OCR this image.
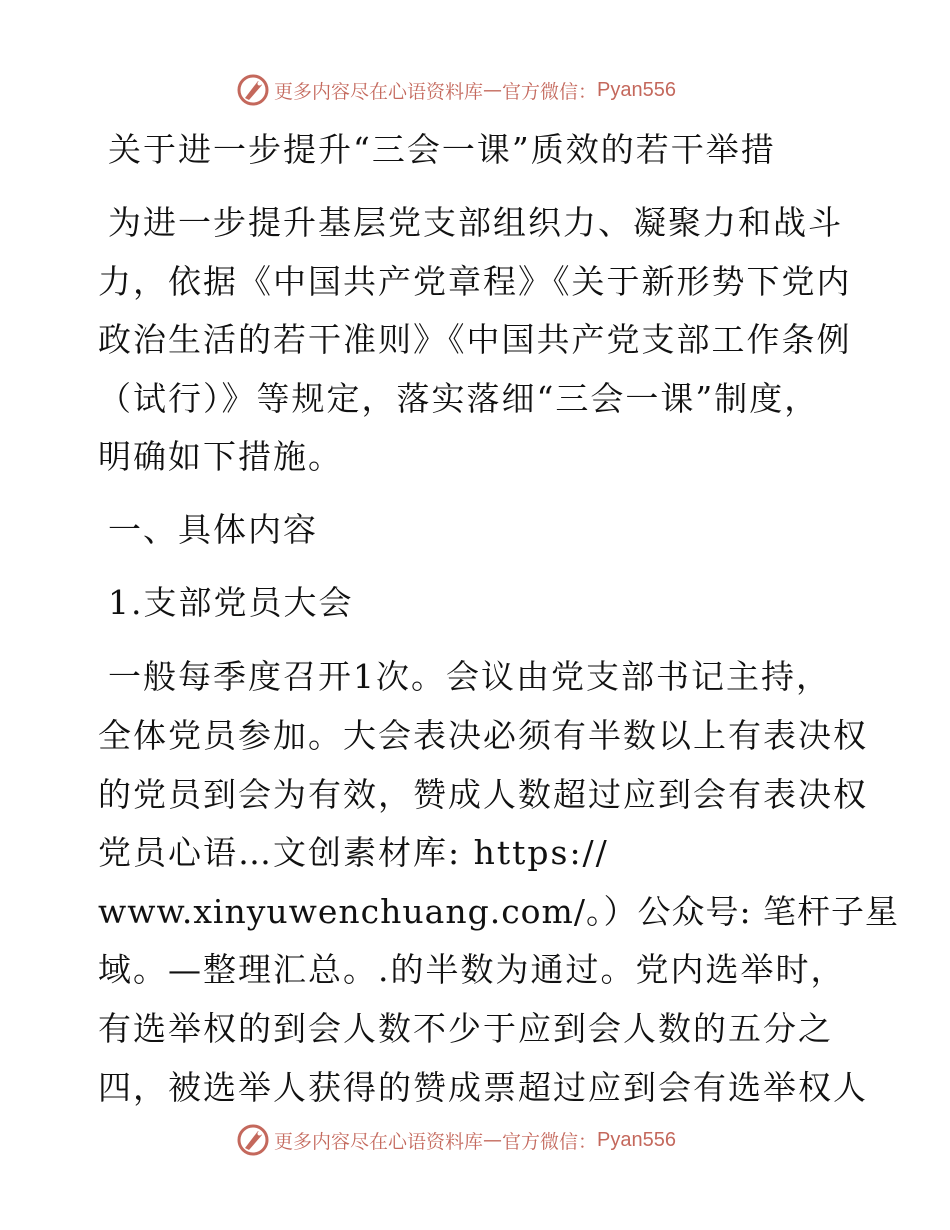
更多内容尽在心语资料库 — 官方微信： Pyan556
关于进一步提升“三会一课”质效的若干举措
为进一步提升基层党支部组织力、凝聚力和战斗
力，依据《中国共产党章程》《关于新形势下党内
政治生活的若干准则》《中国共产党支部工作条例
（试行）》等规定，落实落细“三会一课”制度，
明确如下措施。
一、具体内容
1.支部党员大会
一般每季度召开1次。会议由党支部书记主持，
全体党员参加。大会表决必须有半数以上有表决权
的党员到会为有效，赞成人数超过应到会有表决权
党员心语…文创素材库: https://
www.xinyuwenchuang.com/。）公众号: 笔杆子星
域。—整理汇总。.的半数为通过。党内选举时，
有选举权的到会人数不少于应到会人数的五分之
四，被选举人获得的赞成票超过应到会有选举权人
更多内容尽在心语资料库 — 官方微信： Pyan556
